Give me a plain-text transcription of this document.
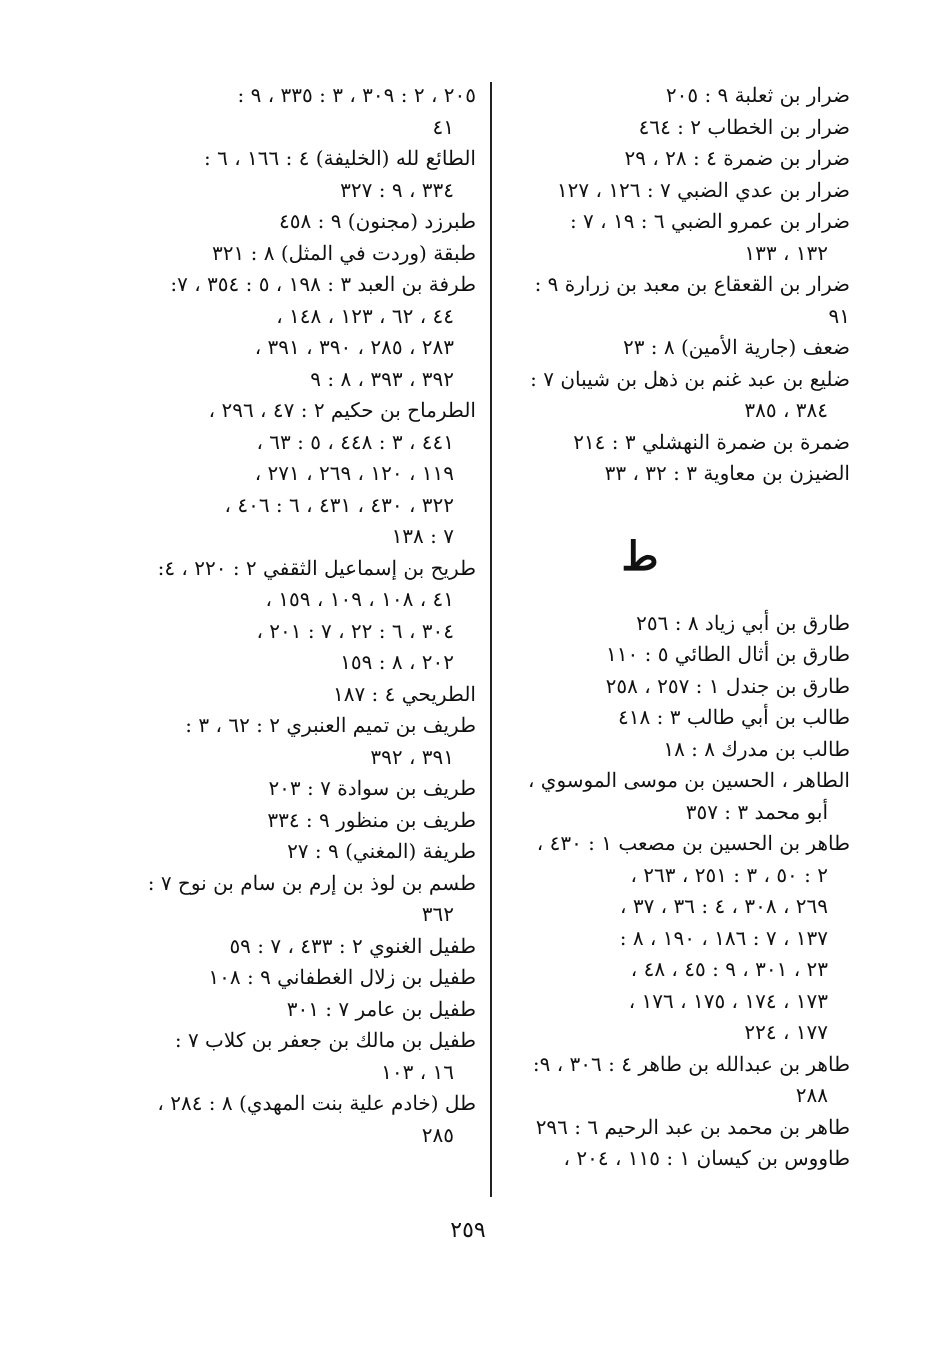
ضرار بن ثعلبة ٩ : ٢٠٥
ضرار بن الخطاب ٢ : ٤٦٤
ضرار بن ضمرة ٤ : ٢٨ ، ٢٩
ضرار بن عدي الضبي ٧ : ١٢٦ ، ١٢٧
ضرار بن عمرو الضبي ٦ : ١٩ ، ٧ :
١٣٢ ، ١٣٣
ضرار بن القعقاع بن معبد بن زرارة ٩ : ٩١
ضعف (جارية الأمين) ٨ : ٢٣
ضليع بن عبد غنم بن ذهل بن شيبان ٧ :
٣٨٤ ، ٣٨٥
ضمرة بن ضمرة النهشلي ٣ : ٢١٤
الضيزن بن معاوية ٣ : ٣٢ ، ٣٣
ط
طارق بن أبي زياد ٨ : ٢٥٦
طارق بن أثال الطائي ٥ : ١١٠
طارق بن جندل ١ : ٢٥٧ ، ٢٥٨
طالب بن أبي طالب ٣ : ٤١٨
طالب بن مدرك ٨ : ١٨
الطاهر ، الحسين بن موسى الموسوي ،
أبو محمد ٣ : ٣٥٧
طاهر بن الحسين بن مصعب ١ : ٤٣٠ ،
٢ : ٥٠ ، ٣ : ٢٥١ ، ٢٦٣ ،
٢٦٩ ، ٣٠٨ ، ٤ : ٣٦ ، ٣٧ ،
١٣٧ ، ٧ : ١٨٦ ، ١٩٠ ، ٨ :
٢٣ ، ٣٠١ ، ٩ : ٤٥ ، ٤٨ ،
١٧٣ ، ١٧٤ ، ١٧٥ ، ١٧٦ ،
١٧٧ ، ٢٢٤
طاهر بن عبدالله بن طاهر ٤ : ٣٠٦ ، ٩:
٢٨٨
طاهر بن محمد بن عبد الرحيم ٦ : ٢٩٦
طاووس بن كيسان ١ : ١١٥ ، ٢٠٤ ،
٢٠٥ ، ٢ : ٣٠٩ ، ٣ : ٣٣٥ ، ٩ :
٤١
الطائع لله (الخليفة) ٤ : ١٦٦ ، ٦ :
٣٣٤ ، ٩ : ٣٢٧
طبرزد (مجنون) ٩ : ٤٥٨
طبقة (وردت في المثل) ٨ : ٣٢١
طرفة بن العبد ٣ : ١٩٨ ، ٥ : ٣٥٤ ، ٧:
٤٤ ، ٦٢ ، ١٢٣ ، ١٤٨ ،
٢٨٣ ، ٢٨٥ ، ٣٩٠ ، ٣٩١ ،
٣٩٢ ، ٣٩٣ ، ٨ : ٩
الطرماح بن حكيم ٢ : ٤٧ ، ٢٩٦ ،
٤٤١ ، ٣ : ٤٤٨ ، ٥ : ٦٣ ،
١١٩ ، ١٢٠ ، ٢٦٩ ، ٢٧١ ،
٣٢٢ ، ٤٣٠ ، ٤٣١ ، ٦ : ٤٠٦ ،
٧ : ١٣٨
طريح بن إسماعيل الثقفي ٢ : ٢٢٠ ، ٤:
٤١ ، ١٠٨ ، ١٠٩ ، ١٥٩ ،
٣٠٤ ، ٦ : ٢٢ ، ٧ : ٢٠١ ،
٢٠٢ ، ٨ : ١٥٩
الطريحي ٤ : ١٨٧
طريف بن تميم العنبري ٢ : ٦٢ ، ٣ :
٣٩١ ، ٣٩٢
طريف بن سوادة ٧ : ٢٠٣
طريف بن منظور ٩ : ٣٣٤
طريفة (المغني) ٩ : ٢٧
طسم بن لوذ بن إرم بن سام بن نوح ٧ :
٣٦٢
طفيل الغنوي ٢ : ٤٣٣ ، ٧ : ٥٩
طفيل بن زلال الغطفاني ٩ : ١٠٨
طفيل بن عامر ٧ : ٣٠١
طفيل بن مالك بن جعفر بن كلاب ٧ :
١٦ ، ١٠٣
طل (خادم علية بنت المهدي) ٨ : ٢٨٤ ،
٢٨٥
٢٥٩
